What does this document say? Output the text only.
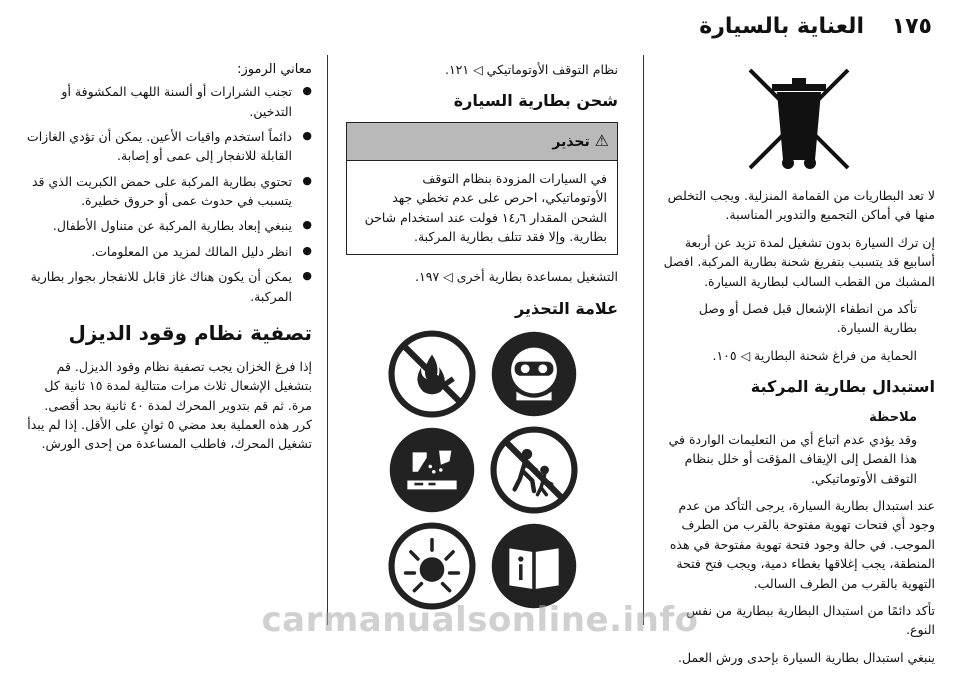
١٧٥
العناية بالسيارة

لا تعد البطاريات من القمامة المنزلية. ويجب التخلص منها في أماكن التجميع والتدوير المناسبة.

إن ترك السيارة بدون تشغيل لمدة تزيد عن أربعة أسابيع قد يتسبب بتفريغ شحنة بطارية المركبة. افصل المشبك من القطب السالب لبطارية السيارة.

تأكد من انطفاء الإشعال قبل فصل أو وصل بطارية السيارة.

الحماية من فراغ شحنة البطارية ◁ ١٠٥.

استبدال بطارية المركبة
ملاحظة

وقد يؤدي عدم اتباع أي من التعليمات الواردة في هذا الفصل إلى الإيقاف المؤقت أو خلل بنظام التوقف الأوتوماتيكي.

عند استبدال بطارية السيارة، يرجى التأكد من عدم وجود أي فتحات تهوية مفتوحة بالقرب من الطرف الموجب. في حالة وجود فتحة تهوية مفتوحة في هذه المنطقة، يجب إغلاقها بغطاء دمية، ويجب فتح فتحة التهوية بالقرب من الطرف السالب.

تأكد دائمًا من استبدال البطارية ببطارية من نفس النوع.

ينبغي استبدال بطارية السيارة بإحدى ورش العمل.

نظام التوقف الأوتوماتيكي ◁ ١٢١.

شحن بطارية السيارة
⚠ تحذير
في السيارات المزودة بنظام التوقف الأوتوماتيكي، احرص على عدم تخطي جهد الشحن المقدار ١٤٫٦ فولت عند استخدام شاحن بطارية. وإلا فقد تتلف بطارية المركبة.

التشغيل بمساعدة بطارية أخرى ◁ ١٩٧.

علامة التحذير
معاني الرموز:
● تجنب الشرارات أو ألسنة اللهب المكشوفة أو التدخين.
● دائماً استخدم واقيات الأعين. يمكن أن تؤدي الغازات القابلة للانفجار إلى عمى أو إصابة.
● تحتوي بطارية المركبة على حمض الكبريت الذي قد يتسبب في حدوث عمى أو حروق خطيرة.
● ينبغي إبعاد بطارية المركبة عن متناول الأطفال.
● انظر دليل المالك لمزيد من المعلومات.
● يمكن أن يكون هناك غاز قابل للانفجار بجوار بطارية المركبة.
تصفية نظام وقود الديزل

إذا فرغ الخزان يجب تصفية نظام وقود الديزل. قم بتشغيل الإشعال ثلاث مرات متتالية لمدة ١٥ ثانية كل مرة. ثم قم بتدوير المحرك لمدة ٤٠ ثانية بحد أقصى. كرر هذه العملية بعد مضي ٥ ثوانٍ على الأقل. إذا لم يبدأ تشغيل المحرك، فاطلب المساعدة من إحدى الورش.

carmanualsonline.info
